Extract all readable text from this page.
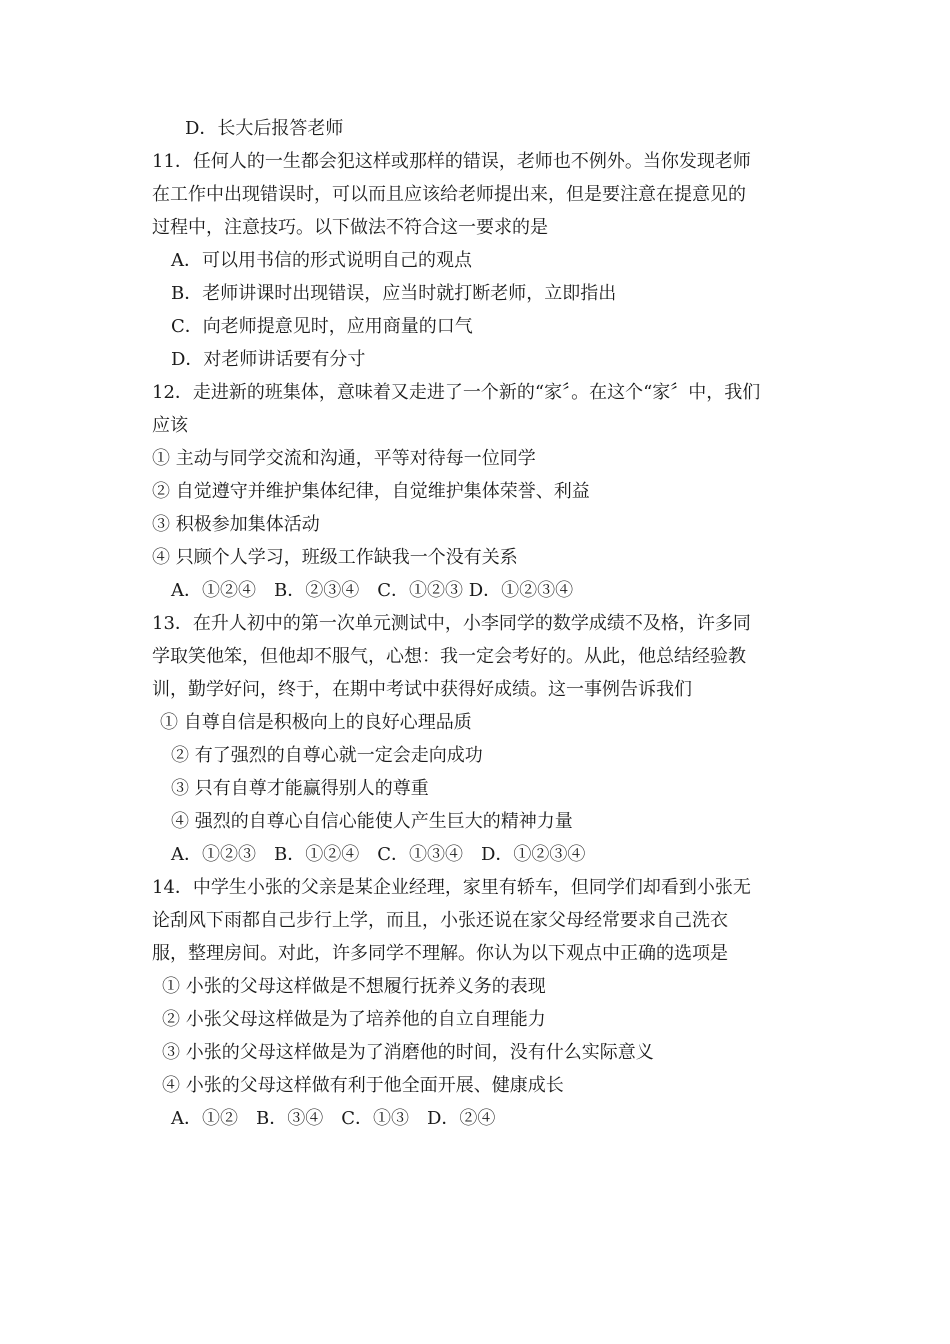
D．长大后报答老师
11．任何人的一生都会犯这样或那样的错误，老师也不例外。当你发现老师
在工作中出现错误时，可以而且应该给老师提出来，但是要注意在提意见的
过程中，注意技巧。以下做法不符合这一要求的是
A．可以用书信的形式说明自己的观点
B．老师讲课时出现错误，应当时就打断老师，立即指出
C．向老师提意见时，应用商量的口气
D．对老师讲话要有分寸
12．走进新的班集体，意味着又走进了一个新的“家〞。在这个“家〞中，我们
应该
① 主动与同学交流和沟通，平等对待每一位同学
② 自觉遵守并维护集体纪律，自觉维护集体荣誉、利益
③ 积极参加集体活动
④ 只顾个人学习，班级工作缺我一个没有关系
A．①②④　B．②③④　C．①②③ D．①②③④
13．在升人初中的第一次单元测试中，小李同学的数学成绩不及格，许多同
学取笑他笨，但他却不服气，心想：我一定会考好的。从此，他总结经验教
训，勤学好问，终于，在期中考试中获得好成绩。这一事例告诉我们
① 自尊自信是积极向上的良好心理品质
② 有了强烈的自尊心就一定会走向成功
③ 只有自尊才能赢得别人的尊重
④ 强烈的自尊心自信心能使人产生巨大的精神力量
A．①②③　B．①②④　C．①③④　D．①②③④
14．中学生小张的父亲是某企业经理，家里有轿车，但同学们却看到小张无
论刮风下雨都自己步行上学，而且，小张还说在家父母经常要求自己洗衣
服，整理房间。对此，许多同学不理解。你认为以下观点中正确的选项是
① 小张的父母这样做是不想履行抚养义务的表现
② 小张父母这样做是为了培养他的自立自理能力
③ 小张的父母这样做是为了消磨他的时间，没有什么实际意义
④ 小张的父母这样做有利于他全面开展、健康成长
A．①②　B．③④　C．①③　D．②④
